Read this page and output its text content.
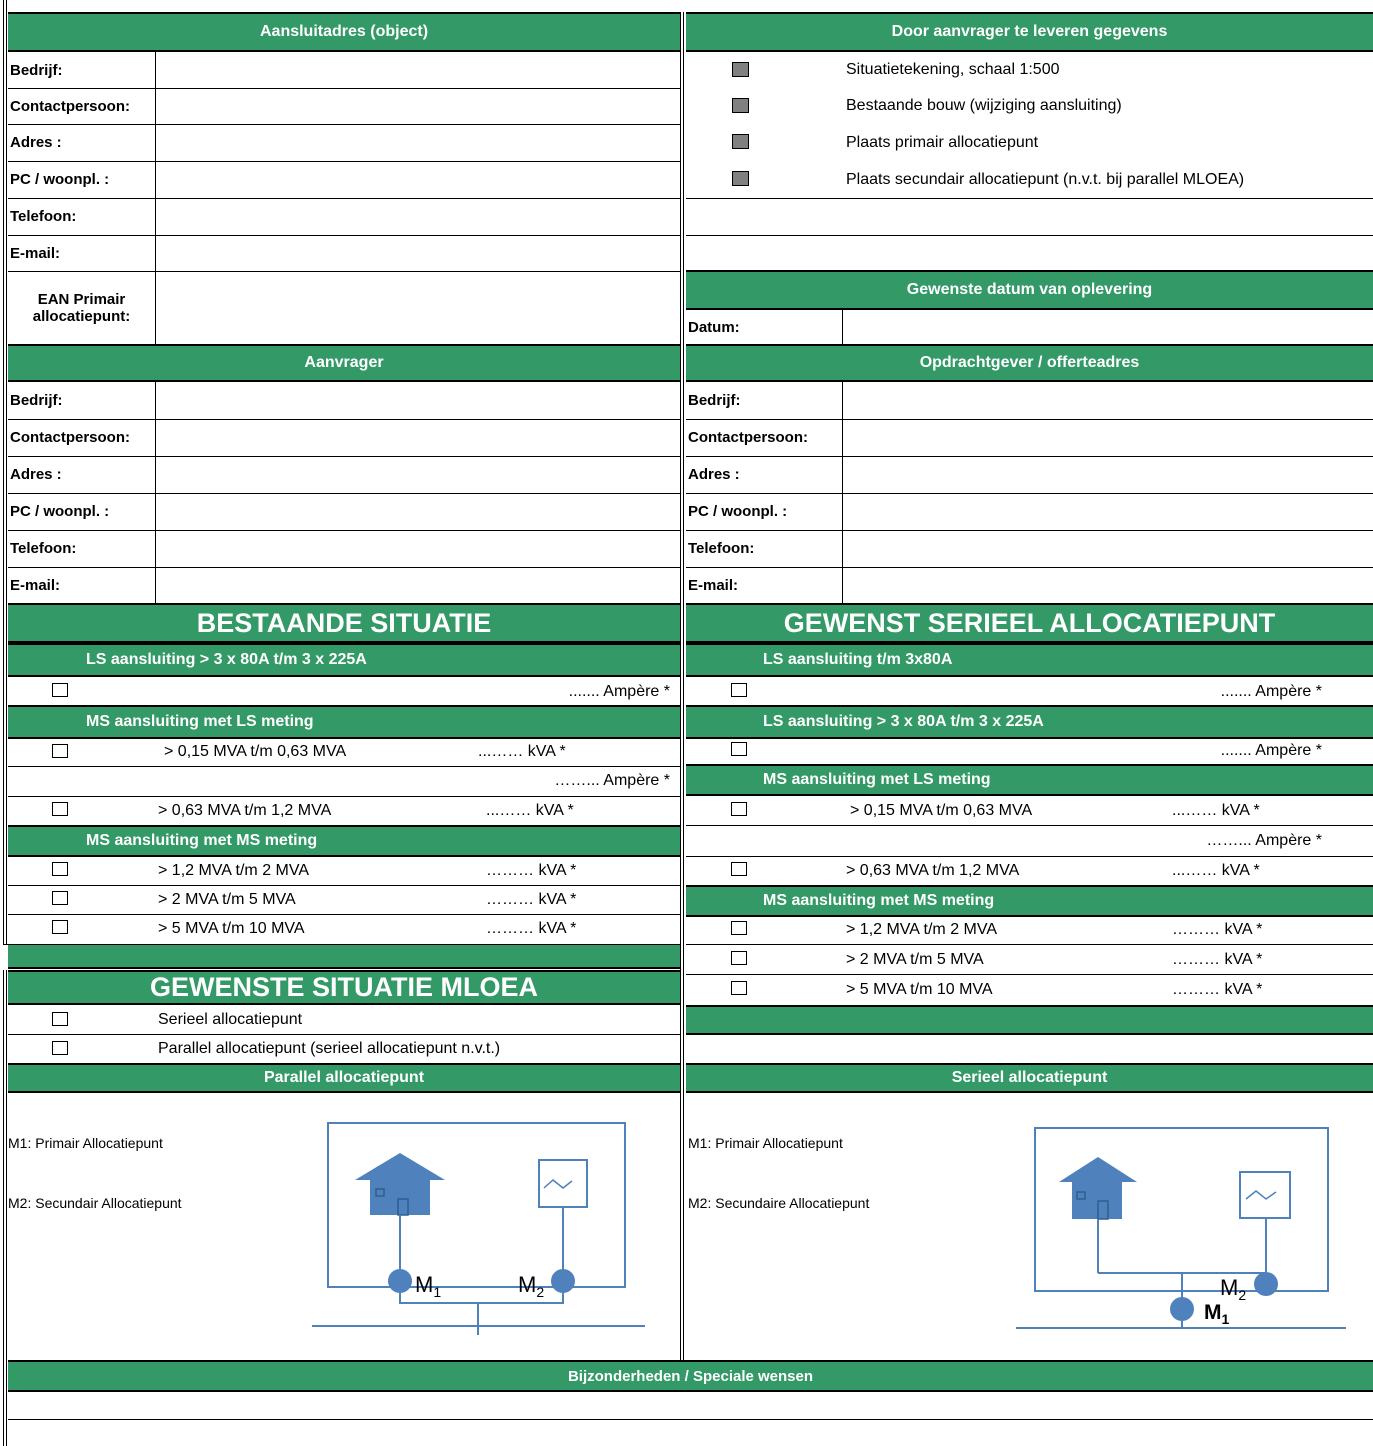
Aansluitadres (object)
Bedrijf:
Contactpersoon:
Adres :
PC / woonpl. :
Telefoon:
E-mail:
EAN Primair
allocatiepunt:
Door aanvrager te leveren gegevens
Situatietekening, schaal 1:500
Bestaande bouw (wijziging aansluiting)
Plaats primair allocatiepunt
Plaats secundair allocatiepunt (n.v.t. bij parallel MLOEA)
Gewenste datum van oplevering
Datum:
Aanvrager
Bedrijf:
Contactpersoon:
Adres :
PC / woonpl. :
Telefoon:
E-mail:
Opdrachtgever / offerteadres
Bedrijf:
Contactpersoon:
Adres :
PC / woonpl. :
Telefoon:
E-mail:
BESTAANDE SITUATIE
LS aansluiting > 3 x 80A t/m 3 x 225A
....... Ampère *
MS aansluiting met LS meting
> 0,15 MVA t/m 0,63 MVA	...…… kVA *
……... Ampère *
> 0,63 MVA t/m 1,2 MVA	...…… kVA *
MS aansluiting met MS meting
> 1,2 MVA t/m 2 MVA	……… kVA *
> 2 MVA t/m 5 MVA	……… kVA *
> 5 MVA t/m 10 MVA	……… kVA *
GEWENST SERIEEL ALLOCATIEPUNT
LS aansluiting t/m 3x80A
....... Ampère *
LS aansluiting > 3 x 80A t/m 3 x 225A
....... Ampère *
MS aansluiting met LS meting
> 0,15 MVA t/m 0,63 MVA	...…… kVA *
……... Ampère *
> 0,63 MVA t/m 1,2 MVA	...…… kVA *
MS aansluiting met MS meting
> 1,2 MVA t/m 2 MVA	……… kVA *
> 2 MVA t/m 5 MVA	……… kVA *
> 5 MVA t/m 10 MVA	……… kVA *
GEWENSTE SITUATIE MLOEA
Serieel allocatiepunt
Parallel allocatiepunt (serieel allocatiepunt n.v.t.)
Parallel allocatiepunt	Serieel allocatiepunt
M1: Primair Allocatiepunt
M2: Secundair Allocatiepunt
$M_1$	$M_2$
M1: Primair Allocatiepunt
M2: Secundaire Allocatiepunt
$M_2$
$M_1$
Bijzonderheden / Speciale wensen
